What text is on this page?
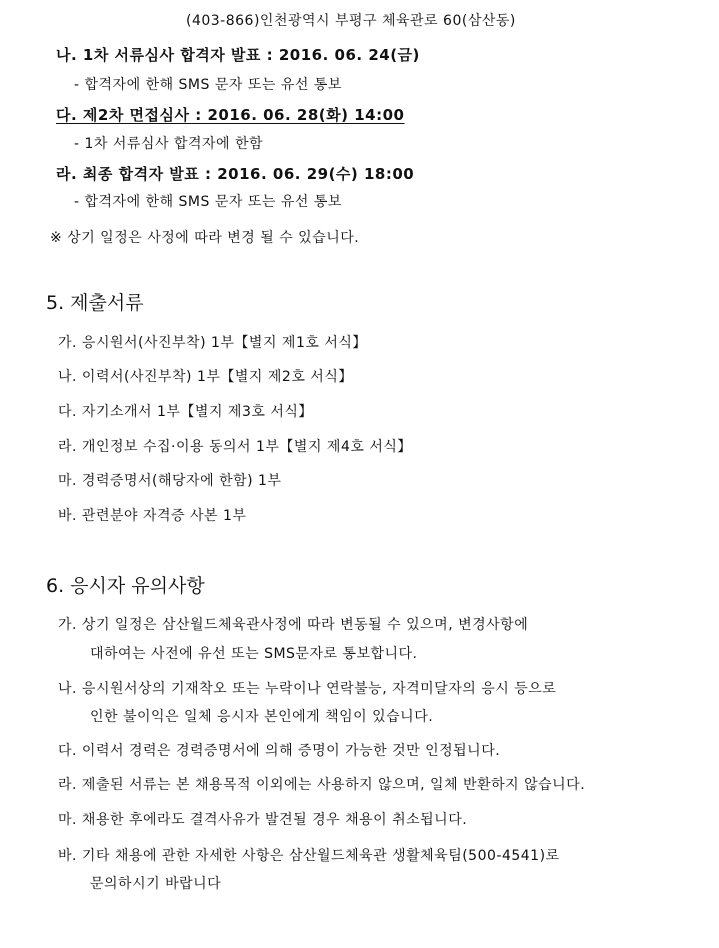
(403-866)인천광역시 부평구 체육관로 60(삼산동)
나. 1차 서류심사 합격자 발표 : 2016. 06. 24(금)
- 합격자에 한해 SMS 문자 또는 유선 통보
다. 제2차 면접심사 : 2016. 06. 28(화) 14:00
- 1차 서류심사 합격자에 한함
라. 최종 합격자 발표 : 2016. 06. 29(수) 18:00
- 합격자에 한해 SMS 문자 또는 유선 통보
※ 상기 일정은 사정에 따라 변경 될 수 있습니다.
5. 제출서류
가. 응시원서(사진부착) 1부【별지 제1호 서식】
나. 이력서(사진부착) 1부【별지 제2호 서식】
다. 자기소개서 1부【별지 제3호 서식】
라. 개인정보 수집·이용 동의서 1부【별지 제4호 서식】
마. 경력증명서(해당자에 한함) 1부
바. 관련분야 자격증 사본 1부
6. 응시자 유의사항
가. 상기 일정은 삼산월드체육관사정에 따라 변동될 수 있으며, 변경사항에
대하여는 사전에 유선 또는 SMS문자로 통보합니다.
나. 응시원서상의 기재착오 또는 누락이나 연락불능, 자격미달자의 응시 등으로
인한 불이익은 일체 응시자 본인에게 책임이 있습니다.
다. 이력서 경력은 경력증명서에 의해 증명이 가능한 것만 인정됩니다.
라. 제출된 서류는 본 채용목적 이외에는 사용하지 않으며, 일체 반환하지 않습니다.
마. 채용한 후에라도 결격사유가 발견될 경우 채용이 취소됩니다.
바. 기타 채용에 관한 자세한 사항은 삼산월드체육관 생활체육팀(500-4541)로
문의하시기 바랍니다
